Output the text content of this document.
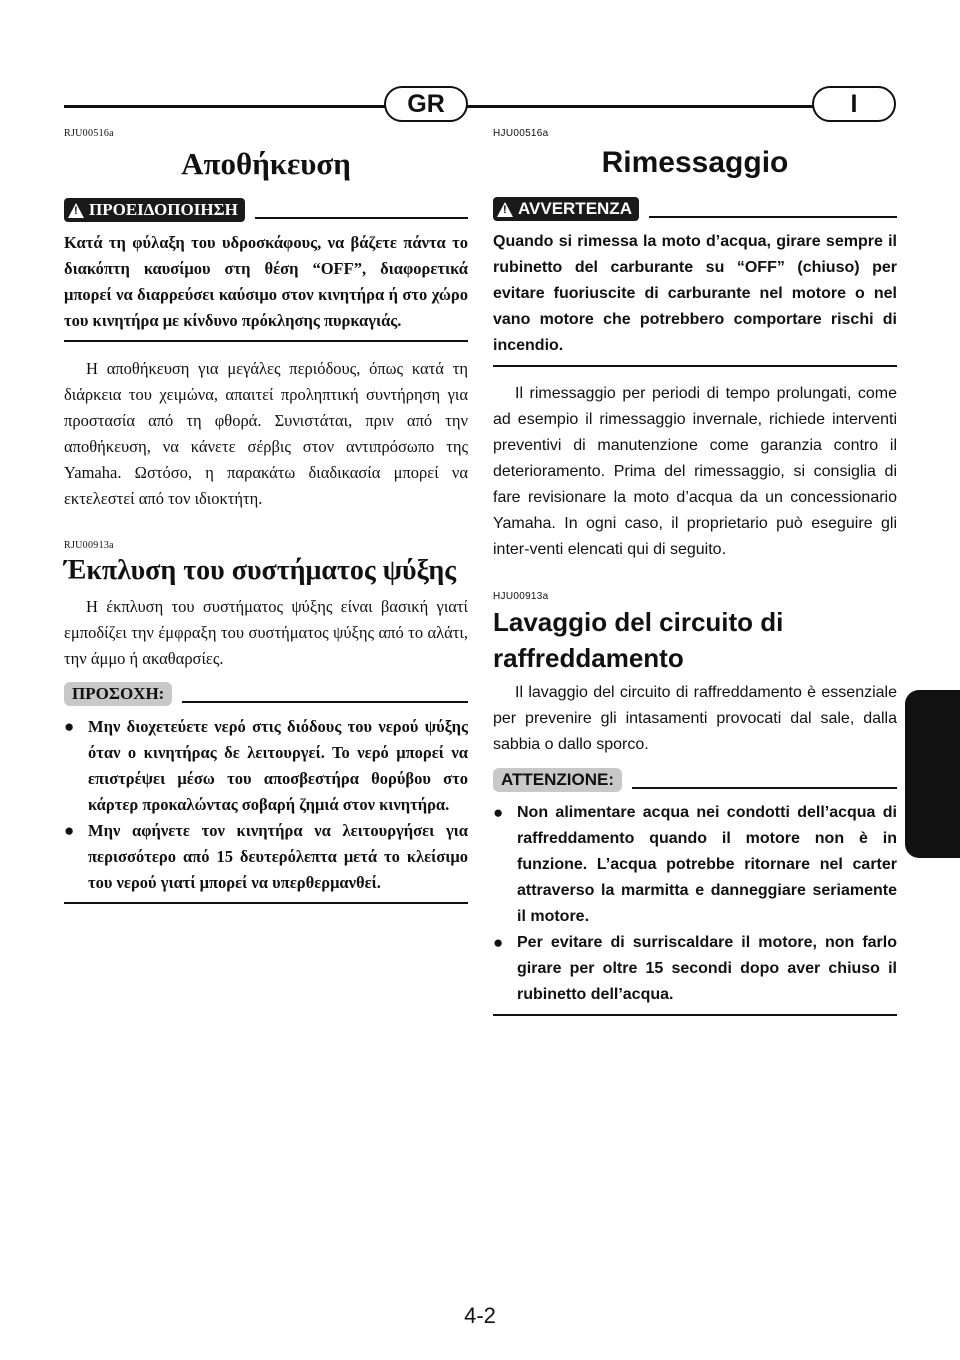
GR	I
RJU00516a
Αποθήκευση
!
ΠΡΟΕΙΔΟΠΟΙΗΣΗ

Κατά τη φύλαξη του υδροσκάφους, να βάζετε πάντα το διακόπτη καυσίμου στη θέση “OFF”, διαφορετικά μπορεί να διαρρεύσει καύσιμο στον κινητήρα ή στο χώρο του κινητήρα με κίνδυνο πρόκλησης πυρκαγιάς.

Η αποθήκευση για μεγάλες περιόδους, όπως κατά τη διάρκεια του χειμώνα, απαιτεί προληπτική συντήρηση για προστασία από τη φθορά. Συνιστάται, πριν από την αποθήκευση, να κάνετε σέρβις στον αντιπρόσωπο της Yamaha. Ωστόσο, η παρακάτω διαδικασία μπορεί να εκτελεστεί από τον ιδιοκτήτη.

RJU00913a
Έκπλυση του συστήματος ψύξης

Η έκπλυση του συστήματος ψύξης είναι βασική γιατί εμποδίζει την έμφραξη του συστήματος ψύξης από το αλάτι, την άμμο ή ακαθαρσίες.

ΠΡΟΣΟΧΗ:
● Μην διοχετεύετε νερό στις διόδους του νερού ψύξης όταν ο κινητήρας δε λειτουργεί. Το νερό μπορεί να επιστρέψει μέσω του αποσβεστήρα θορύβου στο κάρτερ προκαλώντας σοβαρή ζημιά στον κινητήρα.
● Μην αφήνετε τον κινητήρα να λειτουργήσει για περισσότερο από 15 δευτερόλεπτα μετά το κλείσιμο του νερού γιατί μπορεί να υπερθερμανθεί.
HJU00516a
Rimessaggio
!
AVVERTENZA

Quando si rimessa la moto d’acqua, girare sempre il rubinetto del carburante su “OFF” (chiuso) per evitare fuoriuscite di carburante nel motore o nel vano motore che potrebbero comportare rischi di incendio.

Il rimessaggio per periodi di tempo prolungati, come ad esempio il rimessaggio invernale, richiede interventi preventivi di manutenzione come garanzia contro il deterioramento. Prima del rimessaggio, si consiglia di fare revisionare la moto d’acqua da un concessionario Yamaha. In ogni caso, il proprietario può eseguire gli inter-venti elencati qui di seguito.

HJU00913a
Lavaggio del circuito di raffreddamento

Il lavaggio del circuito di raffreddamento è essenziale per prevenire gli intasamenti provocati dal sale, dalla sabbia o dallo sporco.

ATTENZIONE:
● Non alimentare acqua nei condotti dell’acqua di raffreddamento quando il motore non è in funzione. L’acqua potrebbe ritornare nel carter attraverso la marmitta e danneggiare seriamente il motore.
● Per evitare di surriscaldare il motore, non farlo girare per oltre 15 secondi dopo aver chiuso il rubinetto dell’acqua.
4-2
